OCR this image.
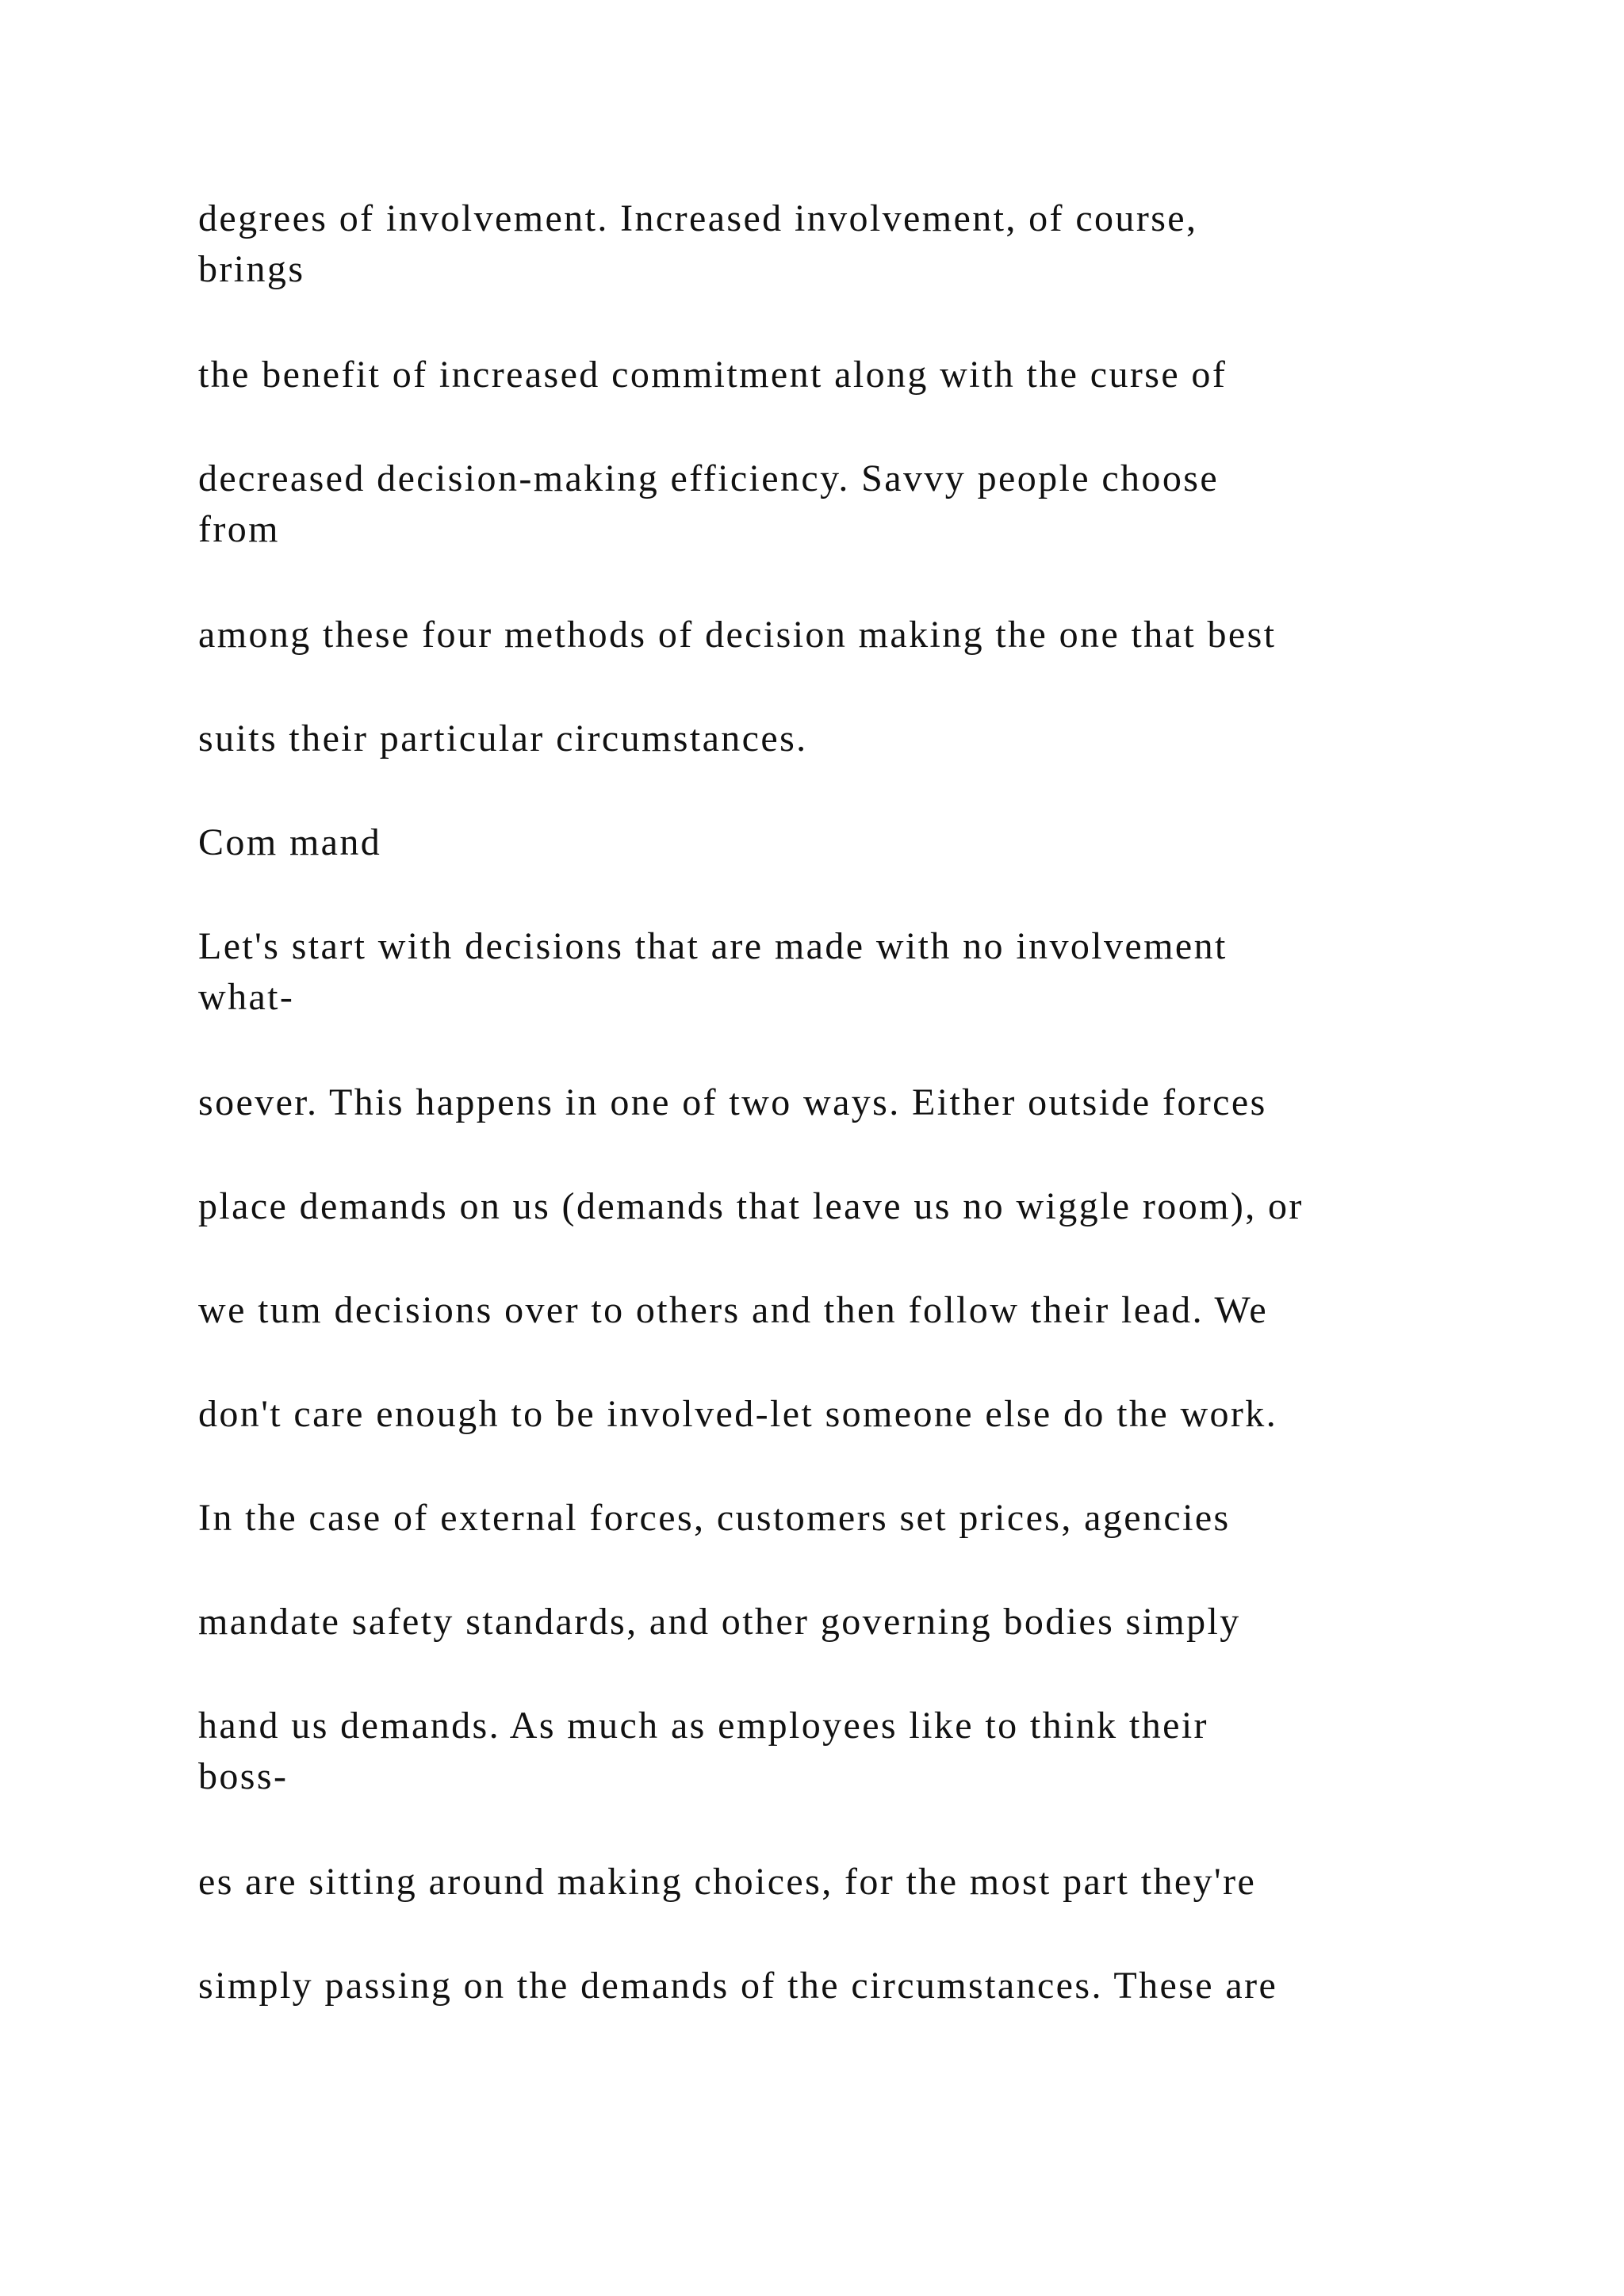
degrees of involvement. Increased involvement, of course,

brings

the benefit of increased commitment along with the curse of

decreased decision-making efficiency. Savvy people choose

from

among these four methods of decision making the one that best

suits their particular circumstances.

Com mand

Let's start with decisions that are made with no involvement

what-

soever. This happens in one of two ways. Either outside forces

place demands on us (demands that leave us no wiggle room), or

we tum decisions over to others and then follow their lead. We

don't care enough to be involved-let someone else do the work.

In the case of external forces, customers set prices, agencies

mandate safety standards, and other governing bodies simply

hand us demands. As much as employees like to think their

boss-

es are sitting around making choices, for the most part they're

simply passing on the demands of the circumstances. These are
